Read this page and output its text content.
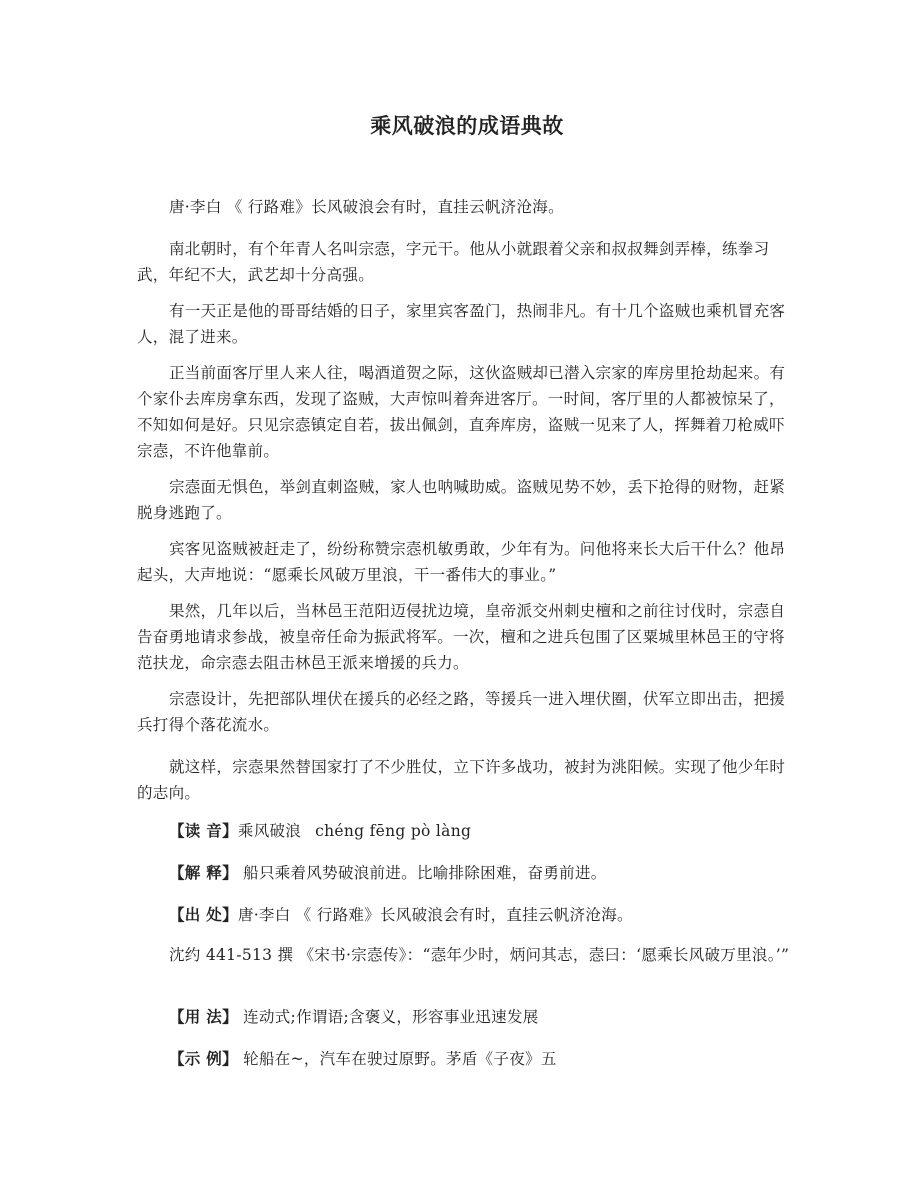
乘风破浪的成语典故

唐·李白 《 行路难》长风破浪会有时，直挂云帆济沧海。

南北朝时，有个年青人名叫宗悫，字元干。他从小就跟着父亲和叔叔舞剑弄棒，练拳习武，年纪不大，武艺却十分高强。

有一天正是他的哥哥结婚的日子，家里宾客盈门，热闹非凡。有十几个盗贼也乘机冒充客人，混了进来。

正当前面客厅里人来人往，喝酒道贺之际，这伙盗贼却已潜入宗家的库房里抢劫起来。有个家仆去库房拿东西，发现了盗贼，大声惊叫着奔进客厅。一时间，客厅里的人都被惊呆了，不知如何是好。只见宗悫镇定自若，拔出佩剑，直奔库房，盗贼一见来了人，挥舞着刀枪威吓宗悫，不许他靠前。

宗悫面无惧色，举剑直刺盗贼，家人也呐喊助威。盗贼见势不妙，丢下抢得的财物，赶紧脱身逃跑了。

宾客见盗贼被赶走了，纷纷称赞宗悫机敏勇敢，少年有为。问他将来长大后干什么？他昂起头，大声地说：“愿乘长风破万里浪，干一番伟大的事业。”

果然，几年以后，当林邑王范阳迈侵扰边境，皇帝派交州刺史檀和之前往讨伐时，宗悫自告奋勇地请求参战，被皇帝任命为振武将军。一次，檀和之进兵包围了区粟城里林邑王的守将范扶龙，命宗悫去阻击林邑王派来增援的兵力。

宗悫设计，先把部队埋伏在援兵的必经之路，等援兵一进入埋伏圈，伏军立即出击，把援兵打得个落花流水。

就这样，宗悫果然替国家打了不少胜仗，立下许多战功，被封为洮阳候。实现了他少年时的志向。

【读 音】乘风破浪 chéng fēng pò làng

【解 释】 船只乘着风势破浪前进。比喻排除困难，奋勇前进。

【出 处】唐·李白 《 行路难》长风破浪会有时，直挂云帆济沧海。

沈约 441-513 撰 《宋书·宗悫传》：“悫年少时，炳问其志，悫曰：‘愿乘长风破万里浪。’”

【用 法】 连动式;作谓语;含褒义，形容事业迅速发展

【示 例】 轮船在~，汽车在驶过原野。茅盾《子夜》五
